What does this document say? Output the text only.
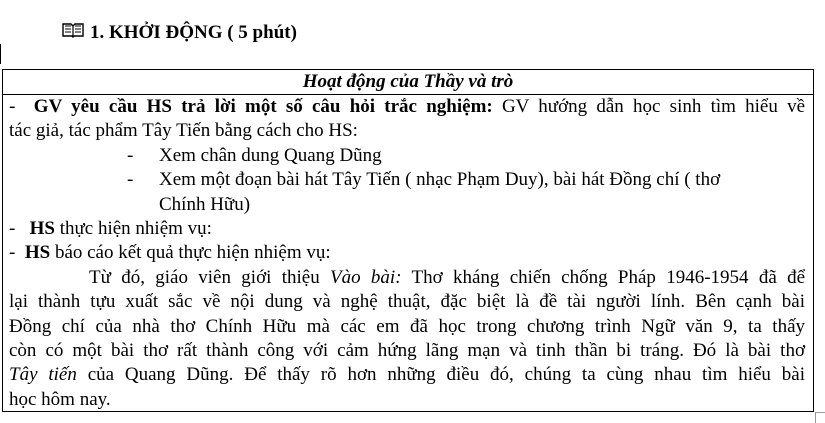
1. KHỞI ĐỘNG ( 5 phút)
Hoạt động của Thầy và trò
- GV yêu cầu HS trả lời một số câu hỏi trắc nghiệm: GV hướng dẫn học sinh tìm hiểu về
tác giả, tác phẩm Tây Tiến bằng cách cho HS:
- Xem chân dung Quang Dũng
- Xem một đoạn bài hát Tây Tiến ( nhạc Phạm Duy), bài hát Đồng chí ( thơ
Chính Hữu)
- HS thực hiện nhiệm vụ:
- HS báo cáo kết quả thực hiện nhiệm vụ:
Từ đó, giáo viên giới thiệu Vào bài: Thơ kháng chiến chống Pháp 1946-1954 đã để
lại thành tựu xuất sắc về nội dung và nghệ thuật, đặc biệt là đề tài người lính. Bên cạnh bài
Đồng chí của nhà thơ Chính Hữu mà các em đã học trong chương trình Ngữ văn 9, ta thấy
còn có một bài thơ rất thành công với cảm hứng lãng mạn và tinh thần bi tráng. Đó là bài thơ
Tây tiến của Quang Dũng. Để thấy rõ hơn những điều đó, chúng ta cùng nhau tìm hiểu bài
học hôm nay.
